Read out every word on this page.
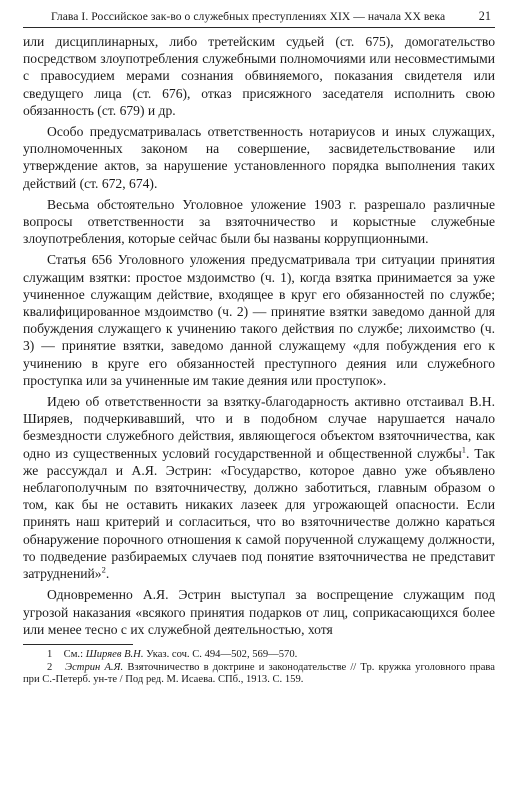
Глава I. Российское зак-во о служебных преступлениях XIX — начала XX века	21

или дисциплинарных, либо третейским судьей (ст. 675), домогательство посредством злоупотребления служебными полномочиями или несовместимыми с правосудием мерами сознания обвиняемого, показания свидетеля или сведущего лица (ст. 676), отказ присяжного заседателя исполнить свою обязанность (ст. 679) и др.

Особо предусматривалась ответственность нотариусов и иных служащих, уполномоченных законом на совершение, засвидетельствование или утверждение актов, за нарушение установленного порядка выполнения таких действий (ст. 672, 674).

Весьма обстоятельно Уголовное уложение 1903 г. разрешало различные вопросы ответственности за взяточничество и корыстные служебные злоупотребления, которые сейчас были бы названы коррупционными.

Статья 656 Уголовного уложения предусматривала три ситуации принятия служащим взятки: простое мздоимство (ч. 1), когда взятка принимается за уже учиненное служащим действие, входящее в круг его обязанностей по службе; квалифицированное мздоимство (ч. 2) — принятие взятки заведомо данной для побуждения служащего к учинению такого действия по службе; лихоимство (ч. 3) — принятие взятки, заведомо данной служащему «для побуждения его к учинению в круге его обязанностей преступного деяния или служебного проступка или за учиненные им такие деяния или проступок».

Идею об ответственности за взятку-благодарность активно отстаивал В.Н. Ширяев, подчеркивавший, что и в подобном случае нарушается начало безмездности служебного действия, являющегося объектом взяточничества, как одно из существенных условий государственной и общественной службы$^1$. Так же рассуждал и А.Я. Эстрин: «Государство, которое давно уже объявлено неблагополучным по взяточничеству, должно заботиться, главным образом о том, как бы не оставить никаких лазеек для угрожающей опасности. Если принять наш критерий и согласиться, что во взяточничестве должно караться обнаружение порочного отношения к самой порученной служащему должности, то подведение разбираемых случаев под понятие взяточничества не представит затруднений»$^2$.

Одновременно А.Я. Эстрин выступал за воспрещение служащим под угрозой наказания «всякого принятия подарков от лиц, соприкасающихся более или менее тесно с их служебной деятельностью, хотя

1 См.: Ширяев В.Н. Указ. соч. С. 494—502, 569—570.

2 Эстрин А.Я. Взяточничество в доктрине и законодательстве // Тр. кружка уголовного права при С.-Петерб. ун-те / Под ред. М. Исаева. СПб., 1913. С. 159.
